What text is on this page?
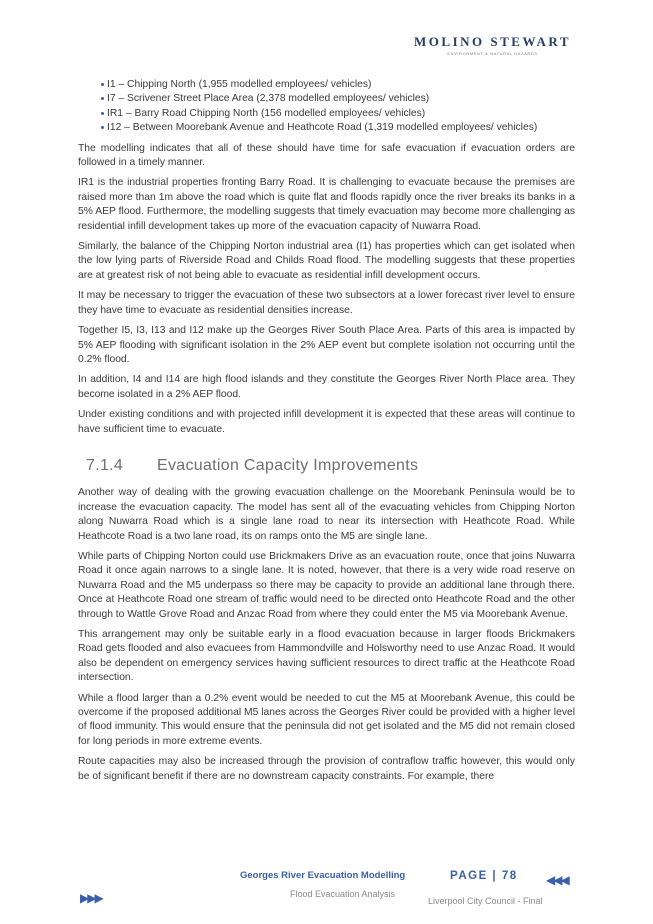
MOLINO STEWART
ENVIRONMENT & NATURAL HAZARDS
I1 – Chipping North (1,955 modelled employees/ vehicles)
I7 – Scrivener Street Place Area (2,378 modelled employees/ vehicles)
IR1 – Barry Road Chipping North (156 modelled employees/ vehicles)
I12 – Between Moorebank Avenue and Heathcote Road (1,319 modelled employees/ vehicles)

The modelling indicates that all of these should have time for safe evacuation if evacuation orders are followed in a timely manner.

IR1 is the industrial properties fronting Barry Road. It is challenging to evacuate because the premises are raised more than 1m above the road which is quite flat and floods rapidly once the river breaks its banks in a 5% AEP flood. Furthermore, the modelling suggests that timely evacuation may become more challenging as residential infill development takes up more of the evacuation capacity of Nuwarra Road.

Similarly, the balance of the Chipping Norton industrial area (I1) has properties which can get isolated when the low lying parts of Riverside Road and Childs Road flood. The modelling suggests that these properties are at greatest risk of not being able to evacuate as residential infill development occurs.

It may be necessary to trigger the evacuation of these two subsectors at a lower forecast river level to ensure they have time to evacuate as residential densities increase.

Together I5, I3, I13 and I12 make up the Georges River South Place Area. Parts of this area is impacted by 5% AEP flooding with significant isolation in the 2% AEP event but complete isolation not occurring until the 0.2% flood.

In addition, I4 and I14 are high flood islands and they constitute the Georges River North Place area. They become isolated in a 2% AEP flood.

Under existing conditions and with projected infill development it is expected that these areas will continue to have sufficient time to evacuate.

7.1.4 Evacuation Capacity Improvements

Another way of dealing with the growing evacuation challenge on the Moorebank Peninsula would be to increase the evacuation capacity. The model has sent all of the evacuating vehicles from Chipping Norton along Nuwarra Road which is a single lane road to near its intersection with Heathcote Road. While Heathcote Road is a two lane road, its on ramps onto the M5 are single lane.

While parts of Chipping Norton could use Brickmakers Drive as an evacuation route, once that joins Nuwarra Road it once again narrows to a single lane. It is noted, however, that there is a very wide road reserve on Nuwarra Road and the M5 underpass so there may be capacity to provide an additional lane through there. Once at Heathcote Road one stream of traffic would need to be directed onto Heathcote Road and the other through to Wattle Grove Road and Anzac Road from where they could enter the M5 via Moorebank Avenue.

This arrangement may only be suitable early in a flood evacuation because in larger floods Brickmakers Road gets flooded and also evacuees from Hammondville and Holsworthy need to use Anzac Road. It would also be dependent on emergency services having sufficient resources to direct traffic at the Heathcote Road intersection.

While a flood larger than a 0.2% event would be needed to cut the M5 at Moorebank Avenue, this could be overcome if the proposed additional M5 lanes across the Georges River could be provided with a higher level of flood immunity. This would ensure that the peninsula did not get isolated and the M5 did not remain closed for long periods in more extreme events.

Route capacities may also be increased through the provision of contraflow traffic however, this would only be of significant benefit if there are no downstream capacity constraints. For example, there

▶▶▶
Georges River Evacuation Modelling
Flood Evacuation Analysis
PAGE | 78 ◀◀◀
Liverpool City Council - Final
